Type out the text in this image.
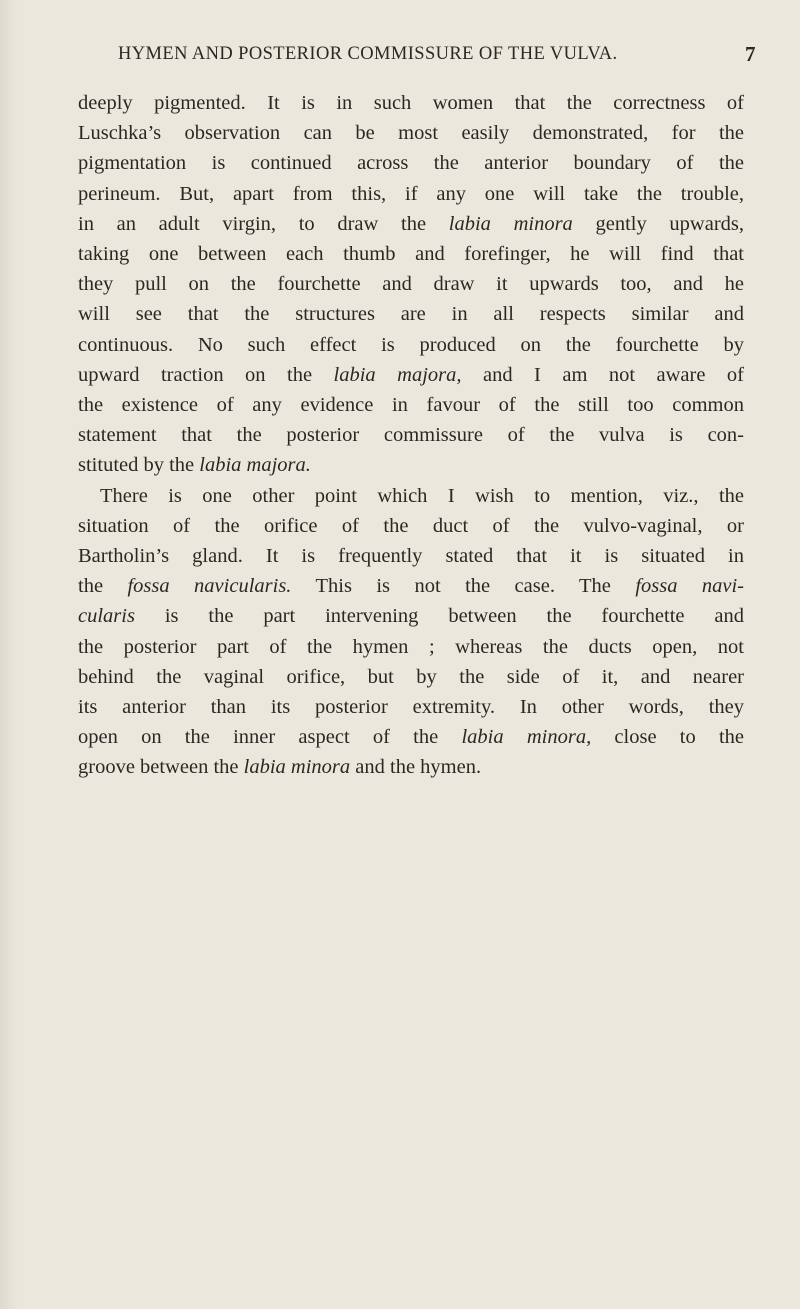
HYMEN AND POSTERIOR COMMISSURE OF THE VULVA.	7
deeply pigmented. It is in such women that the correctness of
Luschka’s observation can be most easily demonstrated, for the
pigmentation is continued across the anterior boundary of the
perineum. But, apart from this, if any one will take the trouble,
in an adult virgin, to draw the labia minora gently upwards,
taking one between each thumb and forefinger, he will find that
they pull on the fourchette and draw it upwards too, and he
will see that the structures are in all respects similar and
continuous. No such effect is produced on the fourchette by
upward traction on the labia majora, and I am not aware of
the existence of any evidence in favour of the still too common
statement that the posterior commissure of the vulva is con-
stituted by the labia majora.
There is one other point which I wish to mention, viz., the
situation of the orifice of the duct of the vulvo-vaginal, or
Bartholin’s gland. It is frequently stated that it is situated in
the fossa navicularis. This is not the case. The fossa navi-
cularis is the part intervening between the fourchette and
the posterior part of the hymen ; whereas the ducts open, not
behind the vaginal orifice, but by the side of it, and nearer
its anterior than its posterior extremity. In other words, they
open on the inner aspect of the labia minora, close to the
groove between the labia minora and the hymen.
